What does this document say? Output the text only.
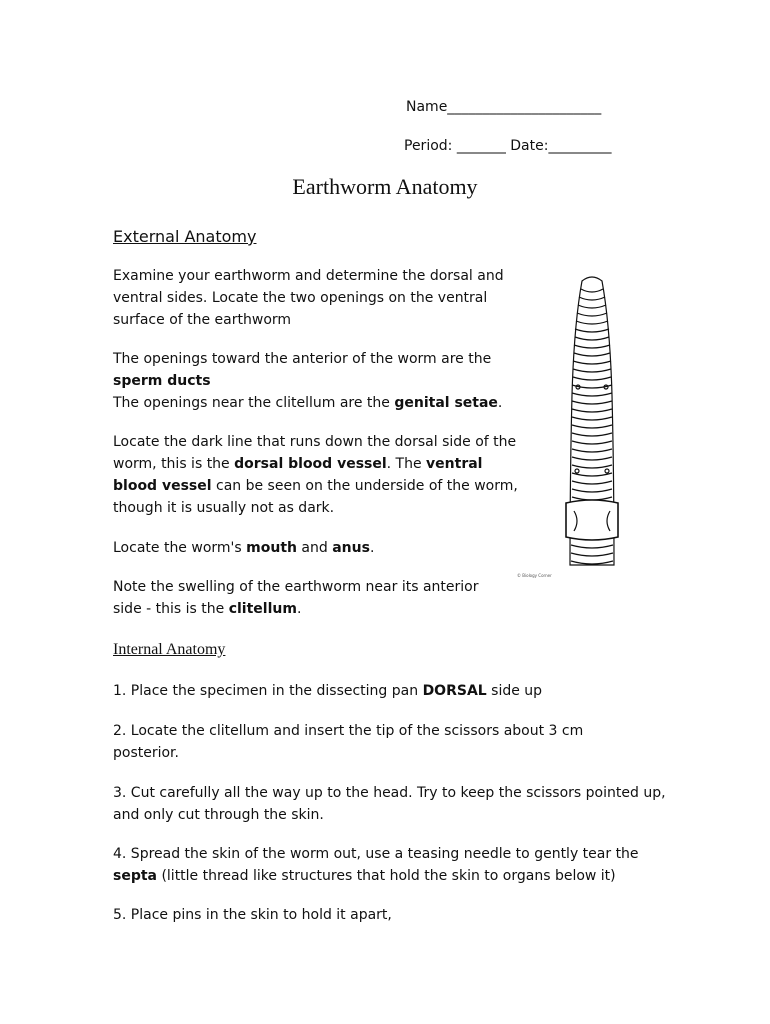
Name______________________
Period: _______ Date:_________
Earthworm Anatomy
External Anatomy

Examine your earthworm and determine the dorsal and ventral sides. Locate the two openings on the ventral surface of the earthworm

The openings toward the anterior of the worm are the sperm ducts
The openings near the clitellum are the genital setae.

Locate the dark line that runs down the dorsal side of the worm, this is the dorsal blood vessel. The ventral blood vessel can be seen on the underside of the worm, though it is usually not as dark.

Locate the worm's mouth and anus.

Note the swelling of the earthworm near its anterior side - this is the clitellum.

Internal Anatomy

1. Place the specimen in the dissecting pan DORSAL side up

2. Locate the clitellum and insert the tip of the scissors about 3 cm posterior.

3. Cut carefully all the way up to the head. Try to keep the scissors pointed up, and only cut through the skin.

4. Spread the skin of the worm out, use a teasing needle to gently tear the septa (little thread like structures that hold the skin to organs below it)

5. Place pins in the skin to hold it apart,

© Biology Corner
